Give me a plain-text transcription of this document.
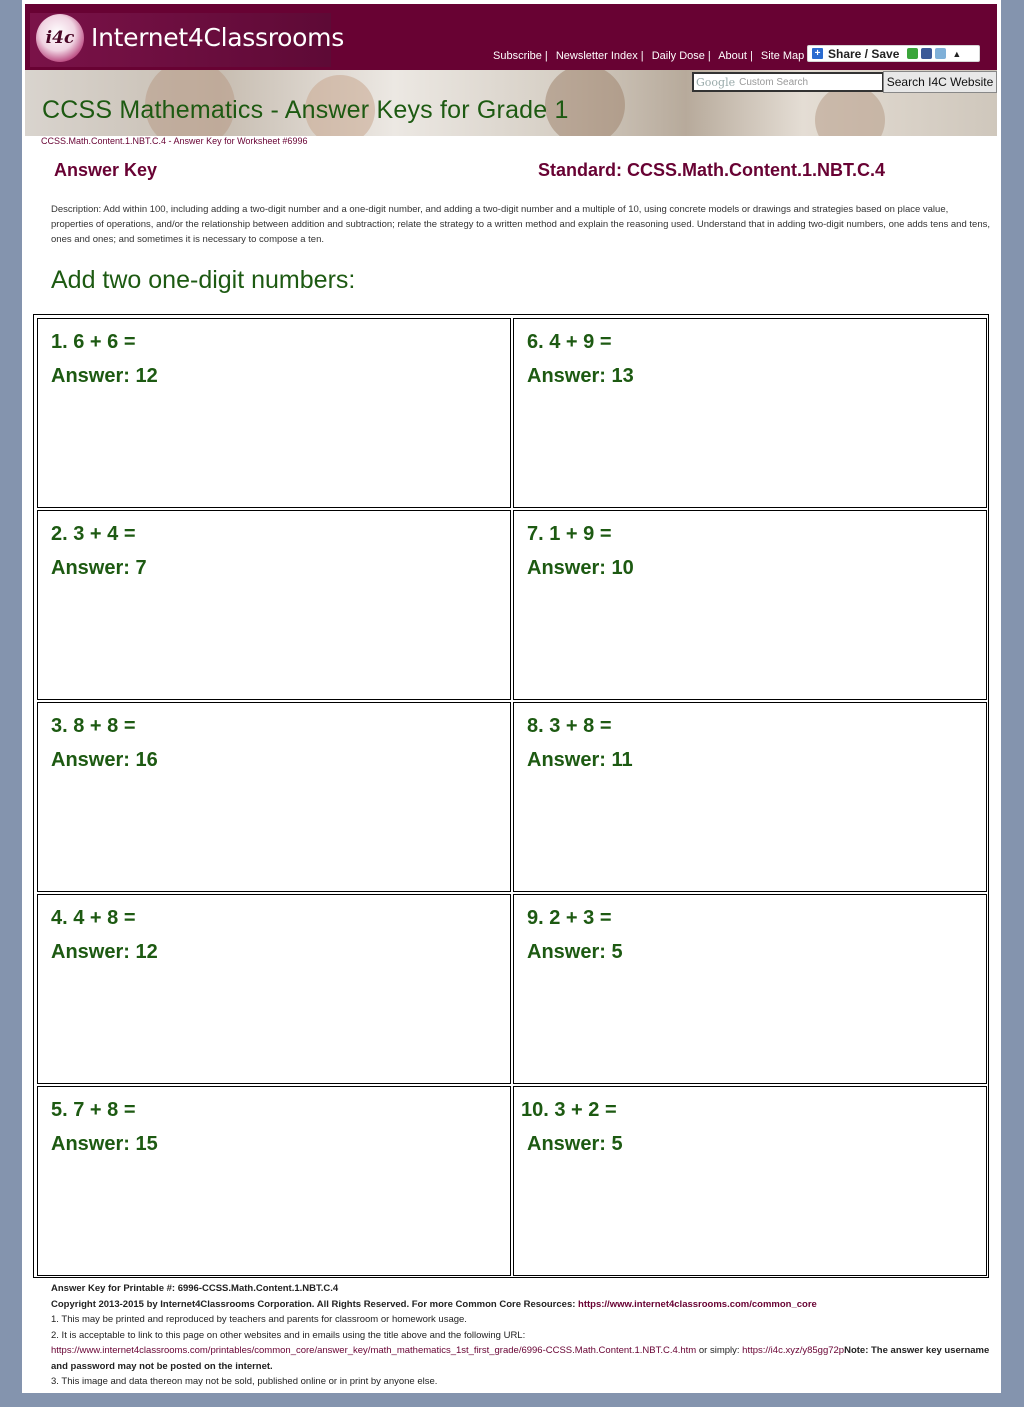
i4c Internet4Classrooms
Subscribe | Newsletter Index | Daily Dose | About | Site Map + Share / Save	▲︎
Google Custom Search	Search I4C Website
CCSS Mathematics - Answer Keys for Grade 1
CCSS.Math.Content.1.NBT.C.4 - Answer Key for Worksheet #6996
Answer Key	Standard: CCSS.Math.Content.1.NBT.C.4
Description: Add within 100, including adding a two-digit number and a one-digit number, and adding a two-digit number and a multiple of 10, using concrete models or drawings and strategies based on place value, properties of operations, and/or the relationship between addition and subtraction; relate the strategy to a written method and explain the reasoning used. Understand that in adding two-digit numbers, one adds tens and tens, ones and ones; and sometimes it is necessary to compose a ten.
Add two one-digit numbers:
1. 6 + 6 =
Answer: 12
2. 3 + 4 =
Answer: 7
3. 8 + 8 =
Answer: 16
4. 4 + 8 =
Answer: 12
5. 7 + 8 =
Answer: 15
6. 4 + 9 =
Answer: 13
7. 1 + 9 =
Answer: 10
8. 3 + 8 =
Answer: 11
9. 2 + 3 =
Answer: 5
10. 3 + 2 =
Answer: 5
Answer Key for Printable #: 6996-CCSS.Math.Content.1.NBT.C.4
Copyright 2013-2015 by Internet4Classrooms Corporation. All Rights Reserved. For more Common Core Resources: https://www.internet4classrooms.com/common_core
1. This may be printed and reproduced by teachers and parents for classroom or homework usage.
2. It is acceptable to link to this page on other websites and in emails using the title above and the following URL:
https://www.internet4classrooms.com/printables/common_core/answer_key/math_mathematics_1st_first_grade/6996-CCSS.Math.Content.1.NBT.C.4.htm or simply: https://i4c.xyz/y85gg72pNote: The answer key username and password may not be posted on the internet.
3. This image and data thereon may not be sold, published online or in print by anyone else.
